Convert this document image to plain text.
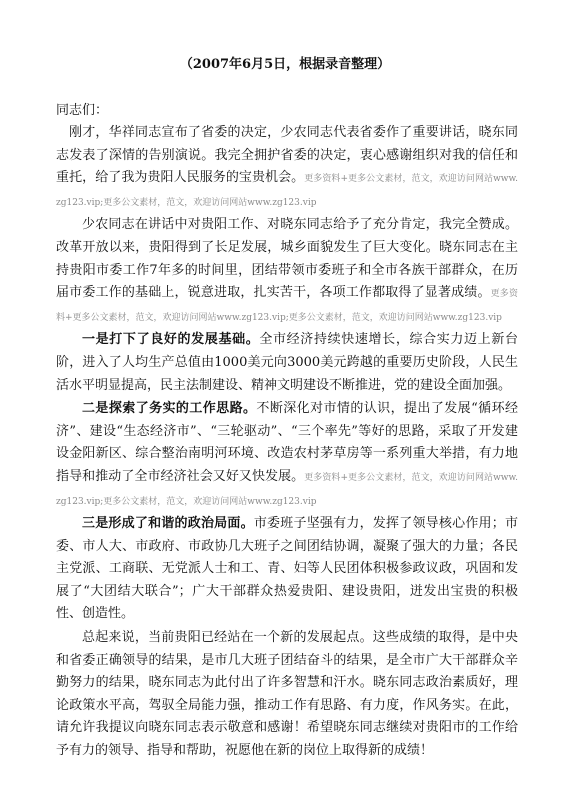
（2007年6月5日，根据录音整理）
同志们：

刚才，华祥同志宣布了省委的决定，少农同志代表省委作了重要讲话，晓东同志发表了深情的告别演说。我完全拥护省委的决定，衷心感谢组织对我的信任和重托，给了我为贵阳人民服务的宝贵机会。更多资料+更多公文素材，范文，欢迎访问网站www.zg123.vip;更多公文素材，范文，欢迎访问网站www.zg123.vip

少农同志在讲话中对贵阳工作、对晓东同志给予了充分肯定，我完全赞成。改革开放以来，贵阳得到了长足发展，城乡面貌发生了巨大变化。晓东同志在主持贵阳市委工作7年多的时间里，团结带领市委班子和全市各族干部群众，在历届市委工作的基础上，锐意进取，扎实苦干，各项工作都取得了显著成绩。更多资料+更多公文素材，范文，欢迎访问网站www.zg123.vip;更多公文素材，范文，欢迎访问网站www.zg123.vip

一是打下了良好的发展基础。全市经济持续快速增长，综合实力迈上新台阶，进入了人均生产总值由1000美元向3000美元跨越的重要历史阶段，人民生活水平明显提高，民主法制建设、精神文明建设不断推进，党的建设全面加强。

二是探索了务实的工作思路。不断深化对市情的认识，提出了发展“循环经济”、建设“生态经济市”、“三轮驱动”、“三个率先”等好的思路，采取了开发建设金阳新区、综合整治南明河环境、改造农村茅草房等一系列重大举措，有力地指导和推动了全市经济社会又好又快发展。更多资料+更多公文素材，范文，欢迎访问网站www.zg123.vip;更多公文素材，范文，欢迎访问网站www.zg123.vip

三是形成了和谐的政治局面。市委班子坚强有力，发挥了领导核心作用；市委、市人大、市政府、市政协几大班子之间团结协调，凝聚了强大的力量；各民主党派、工商联、无党派人士和工、青、妇等人民团体积极参政议政，巩固和发展了“大团结大联合”；广大干部群众热爱贵阳、建设贵阳，迸发出宝贵的积极性、创造性。

总起来说，当前贵阳已经站在一个新的发展起点。这些成绩的取得，是中央和省委正确领导的结果，是市几大班子团结奋斗的结果，是全市广大干部群众辛勤努力的结果，晓东同志为此付出了许多智慧和汗水。晓东同志政治素质好，理论政策水平高，驾驭全局能力强，推动工作有思路、有力度，作风务实。在此，请允许我提议向晓东同志表示敬意和感谢！希望晓东同志继续对贵阳市的工作给予有力的领导、指导和帮助，祝愿他在新的岗位上取得新的成绩！
